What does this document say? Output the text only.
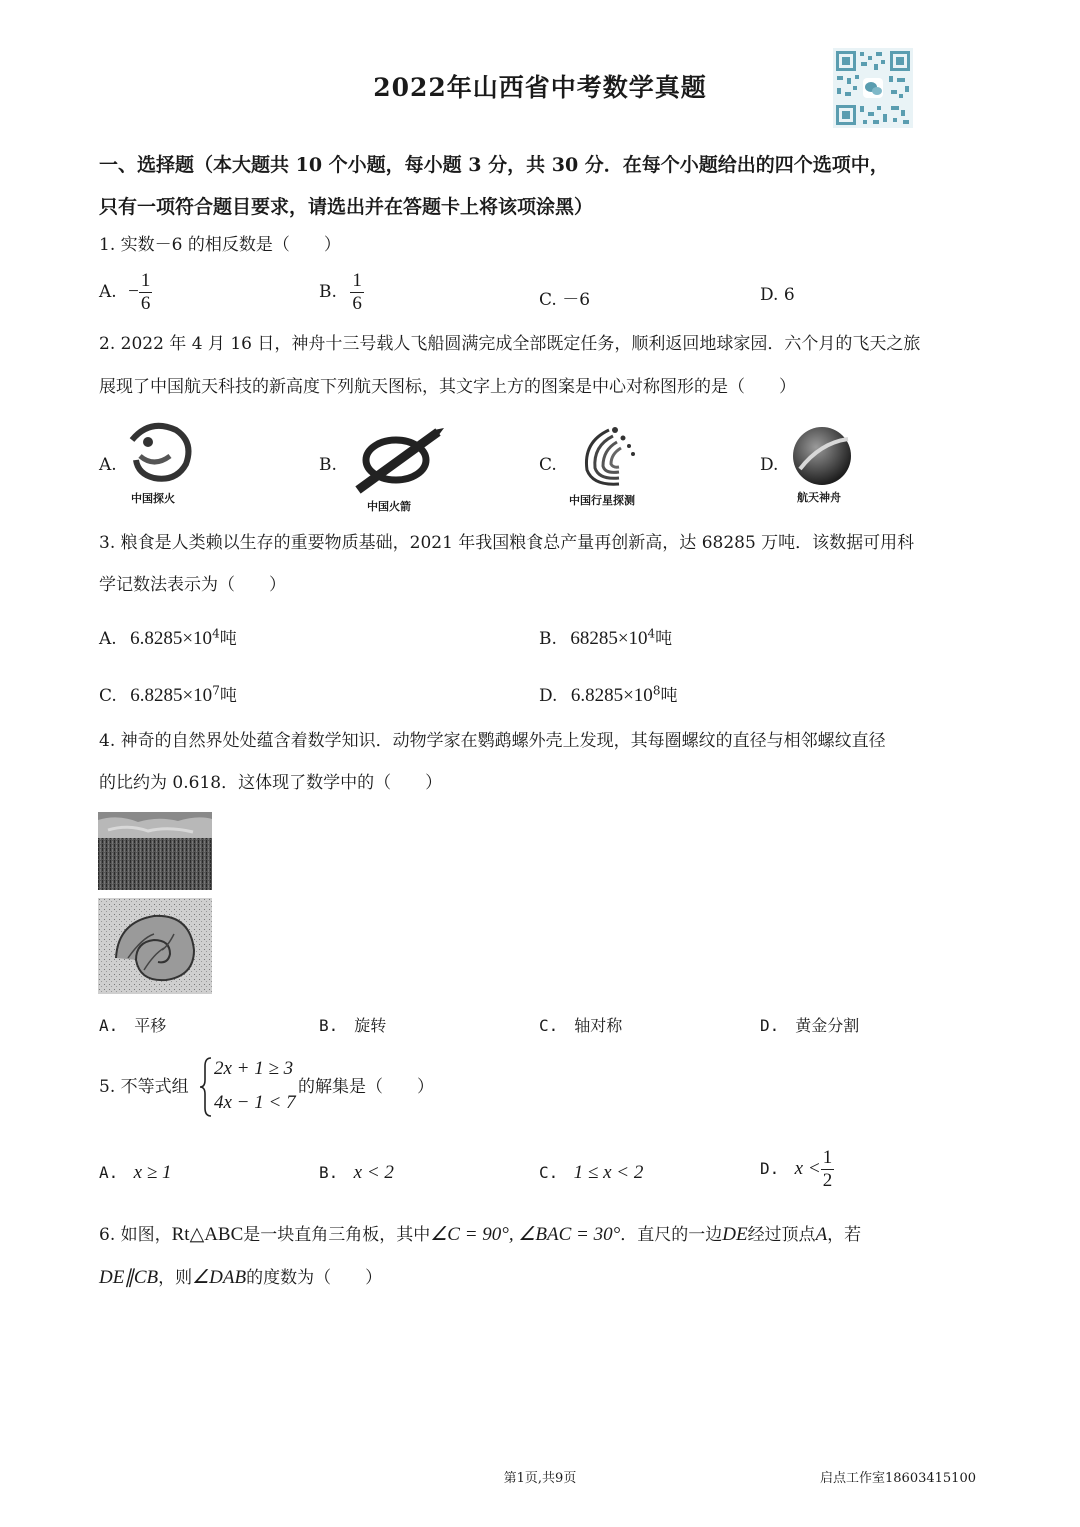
2022年山西省中考数学真题
一、选择题（本大题共 10 个小题，每小题 3 分，共 30 分．在每个小题给出的四个选项中，
只有一项符合题目要求，请选出并在答题卡上将该项涂黑）
1. 实数－6 的相反数是（　　）
A. − $\frac{1}{6}$	B. $\frac{1}{6}$	C. －6	D. 6
2. 2022 年 4 月 16 日，神舟十三号载人飞船圆满完成全部既定任务，顺利返回地球家园．六个月的飞天之旅
展现了中国航天科技的新高度下列航天图标，其文字上方的图案是中心对称图形的是（　　）
A.
中国探火
B.
中国火箭
C.
中国行星探测
D.
航天神舟
3. 粮食是人类赖以生存的重要物质基础，2021 年我国粮食总产量再创新高，达 68285 万吨．该数据可用科
学记数法表示为（　　）
A. $6.8285\times 10^4$吨	B. $68285\times 10^4$吨
C. $6.8285\times 10^7$吨	D. $6.8285\times 10^8$吨
4. 神奇的自然界处处蕴含着数学知识．动物学家在鹦鹉螺外壳上发现，其每圈螺纹的直径与相邻螺纹直径
的比约为 0.618．这体现了数学中的（　　）
A.　平移	B.　旋转	C.　轴对称	D.　黄金分割
5. 不等式组
2x + 1 ≥ 3
4x − 1 < 7
的解集是（　　）
A. x ≥ 1	B. x < 2	C. 1 ≤ x < 2	D. $x < \frac{1}{2}$
6. 如图，Rt△ABC是一块直角三角板，其中∠C = 90°, ∠BAC = 30°．直尺的一边DE经过顶点A，若
DE∥CB，则∠DAB的度数为（　　）
第1页,共9页	启点工作室18603415100
